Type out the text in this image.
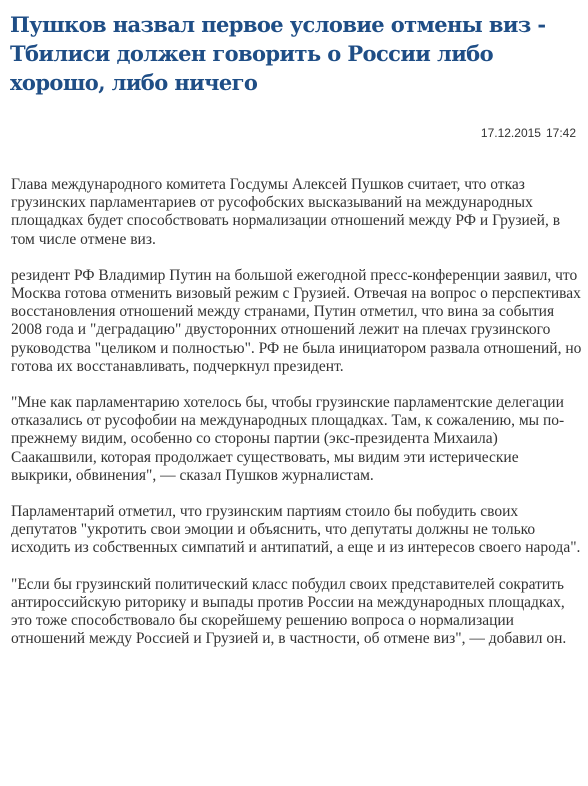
Пушков назвал первое условие отмены виз - Тбилиси должен говорить о России либо хорошо, либо ничего
17.12.2015 17:42

Глава международного комитета Госдумы Алексей Пушков считает, что отказ грузинских парламентариев от русофобских высказываний на международных площадках будет способствовать нормализации отношений между РФ и Грузией, в том числе отмене виз.

резидент РФ Владимир Путин на большой ежегодной пресс-конференции заявил, что Москва готова отменить визовый режим с Грузией. Отвечая на вопрос о перспективах восстановления отношений между странами, Путин отметил, что вина за события 2008 года и "деградацию" двусторонних отношений лежит на плечах грузинского руководства "целиком и полностью". РФ не была инициатором развала отношений, но готова их восстанавливать, подчеркнул президент.

"Мне как парламентарию хотелось бы, чтобы грузинские парламентские делегации отказались от русофобии на международных площадках. Там, к сожалению, мы по-прежнему видим, особенно со стороны партии (экс-президента Михаила) Саакашвили, которая продолжает существовать, мы видим эти истерические выкрики, обвинения", — сказал Пушков журналистам.

Парламентарий отметил, что грузинским партиям стоило бы побудить своих депутатов "укротить свои эмоции и объяснить, что депутаты должны не только исходить из собственных симпатий и антипатий, а еще и из интересов своего народа".

"Если бы грузинский политический класс побудил своих представителей сократить антироссийскую риторику и выпады против России на международных площадках, это тоже способствовало бы скорейшему решению вопроса о нормализации отношений между Россией и Грузией и, в частности, об отмене виз", — добавил он.
